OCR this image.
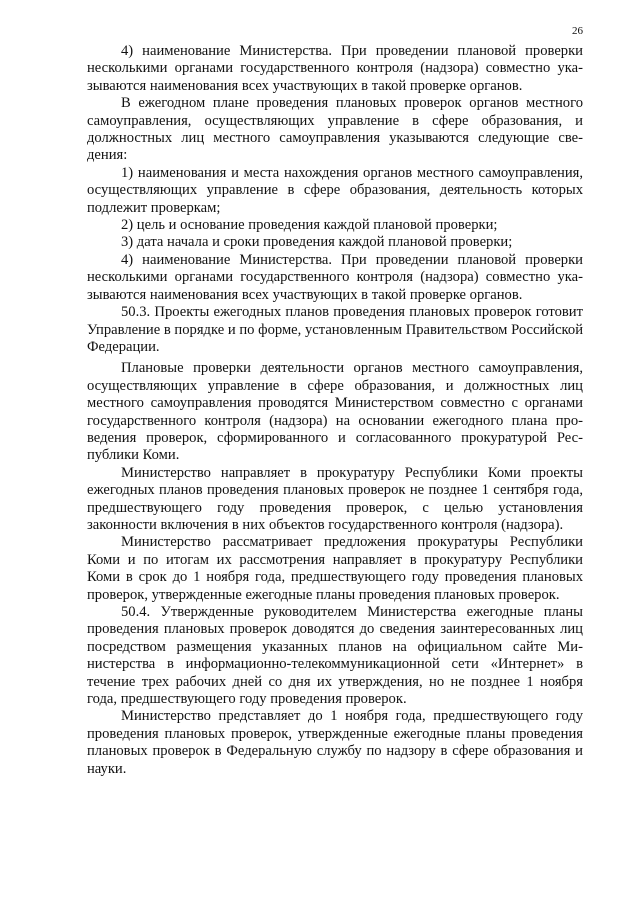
26

4) наименование Министерства. При проведении плановой проверки несколькими органами государственного контроля (надзора) совместно указываются наименования всех участвующих в такой проверке органов.

В ежегодном плане проведения плановых проверок органов местного самоуправления, осуществляющих управление в сфере образования, и должностных лиц местного самоуправления указываются следующие сведения:

1) наименования и места нахождения органов местного самоуправления, осуществляющих управление в сфере образования, деятельность которых подлежит проверкам;

2) цель и основание проведения каждой плановой проверки;

3) дата начала и сроки проведения каждой плановой проверки;

4) наименование Министерства. При проведении плановой проверки несколькими органами государственного контроля (надзора) совместно указываются наименования всех участвующих в такой проверке органов.

50.3. Проекты ежегодных планов проведения плановых проверок готовит Управление в порядке и по форме, установленным Правительством Российской Федерации.

Плановые проверки деятельности органов местного самоуправления, осуществляющих управление в сфере образования, и должностных лиц местного самоуправления проводятся Министерством совместно с органами государственного контроля (надзора) на основании ежегодного плана проведения проверок, сформированного и согласованного прокуратурой Республики Коми.

Министерство направляет в прокуратуру Республики Коми проекты ежегодных планов проведения плановых проверок не позднее 1 сентября года, предшествующего году проведения проверок, с целью установления законности включения в них объектов государственного контроля (надзора).

Министерство рассматривает предложения прокуратуры Республики Коми и по итогам их рассмотрения направляет в прокуратуру Республики Коми в срок до 1 ноября года, предшествующего году проведения плановых проверок, утвержденные ежегодные планы проведения плановых проверок.

50.4. Утвержденные руководителем Министерства ежегодные планы проведения плановых проверок доводятся до сведения заинтересованных лиц посредством размещения указанных планов на официальном сайте Министерства в информационно-телекоммуникационной сети «Интернет» в течение трех рабочих дней со дня их утверждения, но не позднее 1 ноября года, предшествующего году проведения проверок.

Министерство представляет до 1 ноября года, предшествующего году проведения плановых проверок, утвержденные ежегодные планы проведения плановых проверок в Федеральную службу по надзору в сфере образования и науки.
